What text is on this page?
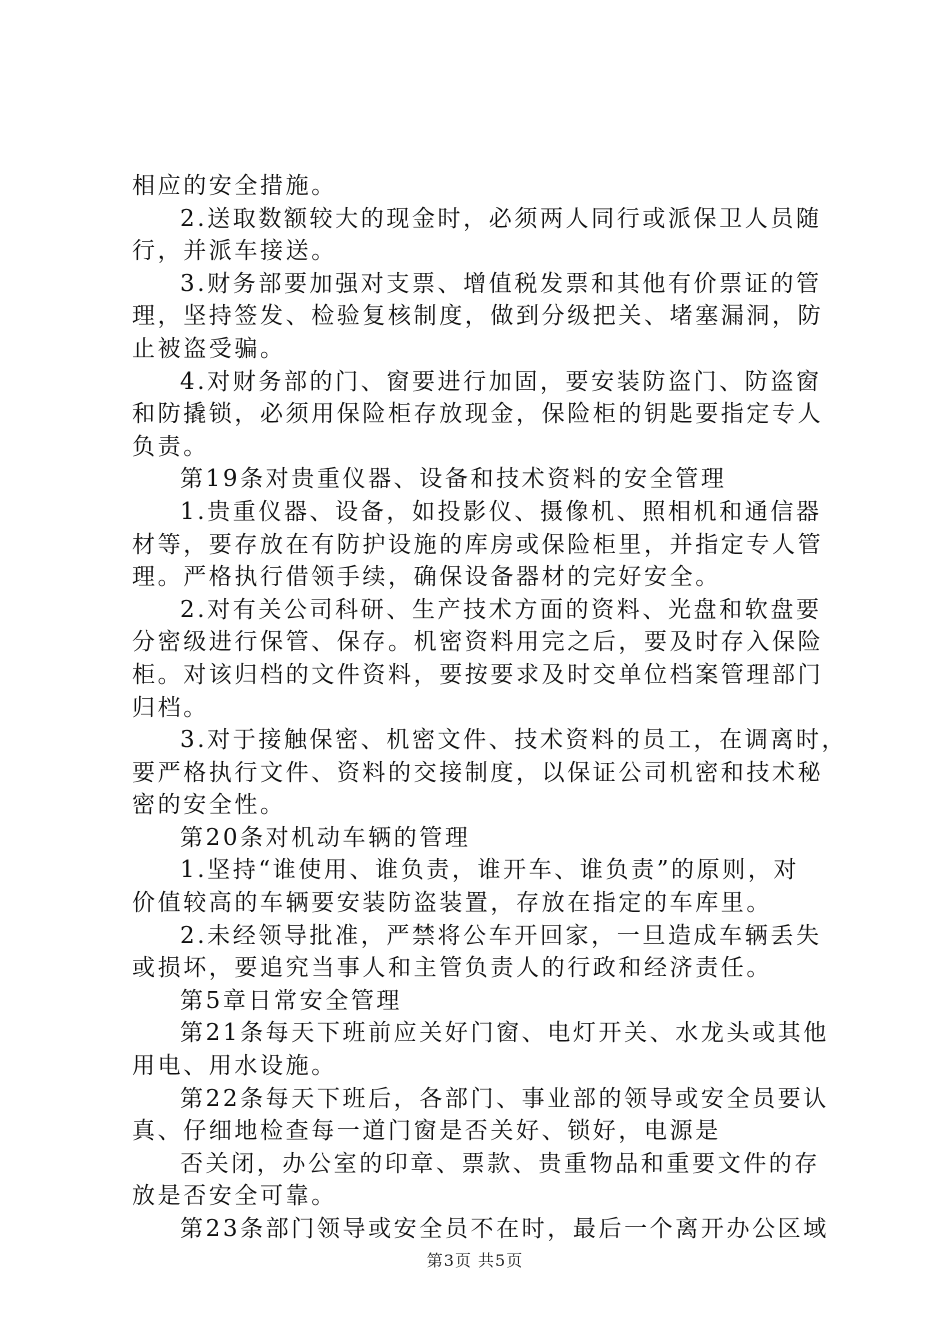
相应的安全措施。
2.送取数额较大的现金时，必须两人同行或派保卫人员随
行，并派车接送。
3.财务部要加强对支票、增值税发票和其他有价票证的管
理，坚持签发、检验复核制度，做到分级把关、堵塞漏洞，防
止被盗受骗。
4.对财务部的门、窗要进行加固，要安装防盗门、防盗窗
和防撬锁，必须用保险柜存放现金，保险柜的钥匙要指定专人
负责。
第19条对贵重仪器、设备和技术资料的安全管理
1.贵重仪器、设备，如投影仪、摄像机、照相机和通信器
材等，要存放在有防护设施的库房或保险柜里，并指定专人管
理。严格执行借领手续，确保设备器材的完好安全。
2.对有关公司科研、生产技术方面的资料、光盘和软盘要
分密级进行保管、保存。机密资料用完之后，要及时存入保险
柜。对该归档的文件资料，要按要求及时交单位档案管理部门
归档。
3.对于接触保密、机密文件、技术资料的员工，在调离时，
要严格执行文件、资料的交接制度，以保证公司机密和技术秘
密的安全性。
第20条对机动车辆的管理
1.坚持“谁使用、谁负责，谁开车、谁负责”的原则，对
价值较高的车辆要安装防盗装置，存放在指定的车库里。
2.未经领导批准，严禁将公车开回家，一旦造成车辆丢失
或损坏，要追究当事人和主管负责人的行政和经济责任。
第5章日常安全管理
第21条每天下班前应关好门窗、电灯开关、水龙头或其他
用电、用水设施。
第22条每天下班后，各部门、事业部的领导或安全员要认
真、仔细地检查每一道门窗是否关好、锁好，电源是
否关闭，办公室的印章、票款、贵重物品和重要文件的存
放是否安全可靠。
第23条部门领导或安全员不在时，最后一个离开办公区域
第3页 共5页
